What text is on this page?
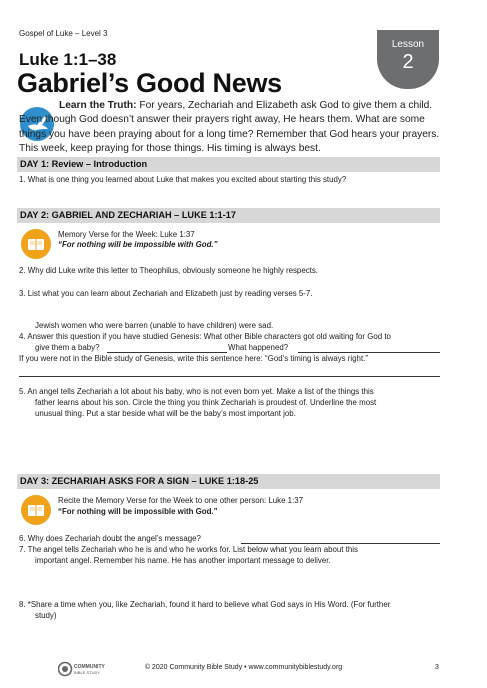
Gospel of Luke – Level 3
Lesson
2
Luke 1:1–38
Gabriel’s Good News

Learn the Truth: For years, Zechariah and Elizabeth ask God to give them a child. Even though God doesn’t answer their prayers right away, He hears them. What are some things you have been praying about for a long time? Remember that God hears your prayers. This week, keep praying for those things. His timing is always best.

DAY 1: Review – Introduction
1. What is one thing you learned about Luke that makes you excited about starting this study?
DAY 2: GABRIEL AND ZECHARIAH – LUKE 1:1-17
Memory Verse for the Week: Luke 1:37
“For nothing will be impossible with God.”
2. Why did Luke write this letter to Theophilus, obviously someone he highly respects.
3. List what you can learn about Zechariah and Elizabeth just by reading verses 5-7.
Jewish women who were barren (unable to have children) were sad.
4. Answer this question if you have studied Genesis: What other Bible characters got old waiting for God to
give them a baby?	What happened?
If you were not in the Bible study of Genesis, write this sentence here: “God’s timing is always right.”
5. An angel tells Zechariah a lot about his baby, who is not even born yet. Make a list of the things this
father learns about his son. Circle the thing you think Zechariah is proudest of. Underline the most
unusual thing. Put a star beside what will be the baby’s most important job.
DAY 3: ZECHARIAH ASKS FOR A SIGN – LUKE 1:18-25
Recite the Memory Verse for the Week to one other person: Luke 1:37
“For nothing will be impossible with God.”
6. Why does Zechariah doubt the angel’s message?
7. The angel tells Zechariah who he is and who he works for. List below what you learn about this
important angel. Remember his name. He has another important message to deliver.
8. *Share a time when you, like Zechariah, found it hard to believe what God says in His Word. (For further
study)
COMMUNITY
BIBLE STUDY
© 2020 Community Bible Study • www.communitybiblestudy.org	3
